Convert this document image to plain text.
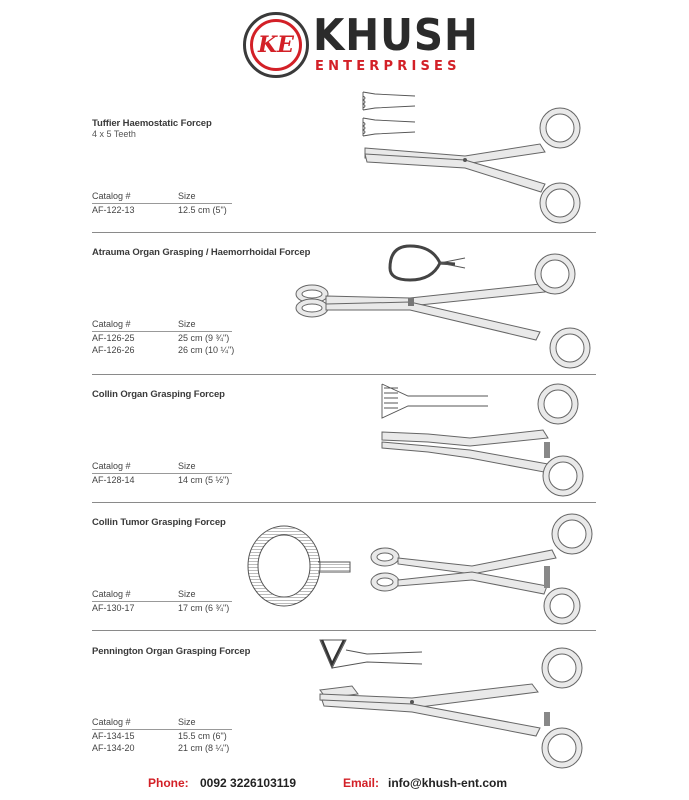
KE KHUSH
ENTERPRISES
Tuffier Haemostatic Forcep
4 x 5 Teeth
Catalog #	Size
AF-122-13	12.5 cm (5")
Atrauma Organ Grasping / Haemorrhoidal Forcep
Catalog #	Size
AF-126-25	25 cm (9 ¾")
AF-126-26	26 cm (10 ¼")
Collin Organ Grasping Forcep
Catalog #	Size
AF-128-14	14 cm (5 ½")
Collin Tumor Grasping Forcep
Catalog #	Size
AF-130-17	17 cm (6 ¾")
Pennington Organ Grasping Forcep
Catalog #	Size
AF-134-15	15.5 cm (6")
AF-134-20	21 cm (8 ¼")
Phone: 0092 3226103119	Email: info@khush-ent.com
